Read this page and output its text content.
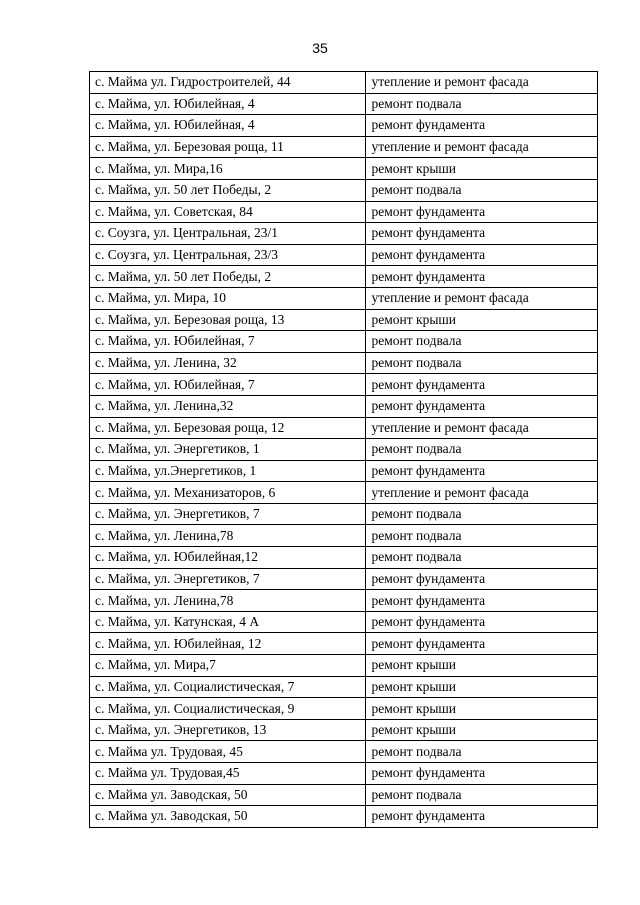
35
с. Майма ул. Гидростроителей, 44	утепление и ремонт фасада
с. Майма, ул. Юбилейная, 4	ремонт подвала
с. Майма, ул. Юбилейная, 4	ремонт фундамента
с. Майма, ул. Березовая роща, 11	утепление и ремонт фасада
с. Майма, ул. Мира,16	ремонт крыши
с. Майма, ул. 50 лет Победы, 2	ремонт подвала
с. Майма, ул. Советская, 84	ремонт фундамента
с. Соузга, ул. Центральная, 23/1	ремонт фундамента
с. Соузга, ул. Центральная, 23/3	ремонт фундамента
с. Майма, ул. 50 лет Победы, 2	ремонт фундамента
с. Майма, ул. Мира, 10	утепление и ремонт фасада
с. Майма, ул. Березовая роща, 13	ремонт крыши
с. Майма, ул. Юбилейная, 7	ремонт подвала
с. Майма, ул. Ленина, 32	ремонт подвала
с. Майма, ул. Юбилейная, 7	ремонт фундамента
с. Майма, ул. Ленина,32	ремонт фундамента
с. Майма, ул. Березовая роща, 12	утепление и ремонт фасада
с. Майма, ул. Энергетиков, 1	ремонт подвала
с. Майма, ул.Энергетиков, 1	ремонт фундамента
с. Майма, ул. Механизаторов, 6	утепление и ремонт фасада
с. Майма, ул. Энергетиков, 7	ремонт подвала
с. Майма, ул. Ленина,78	ремонт подвала
с. Майма, ул. Юбилейная,12	ремонт подвала
с. Майма, ул. Энергетиков, 7	ремонт фундамента
с. Майма, ул. Ленина,78	ремонт фундамента
с. Майма, ул. Катунская, 4 А	ремонт фундамента
с. Майма, ул. Юбилейная, 12	ремонт фундамента
с. Майма, ул. Мира,7	ремонт крыши
с. Майма, ул. Социалистическая, 7	ремонт крыши
с. Майма, ул. Социалистическая, 9	ремонт крыши
с. Майма, ул. Энергетиков, 13	ремонт крыши
с. Майма ул. Трудовая, 45	ремонт подвала
с. Майма ул. Трудовая,45	ремонт фундамента
с. Майма ул. Заводская, 50	ремонт подвала
с. Майма ул. Заводская, 50	ремонт фундамента
